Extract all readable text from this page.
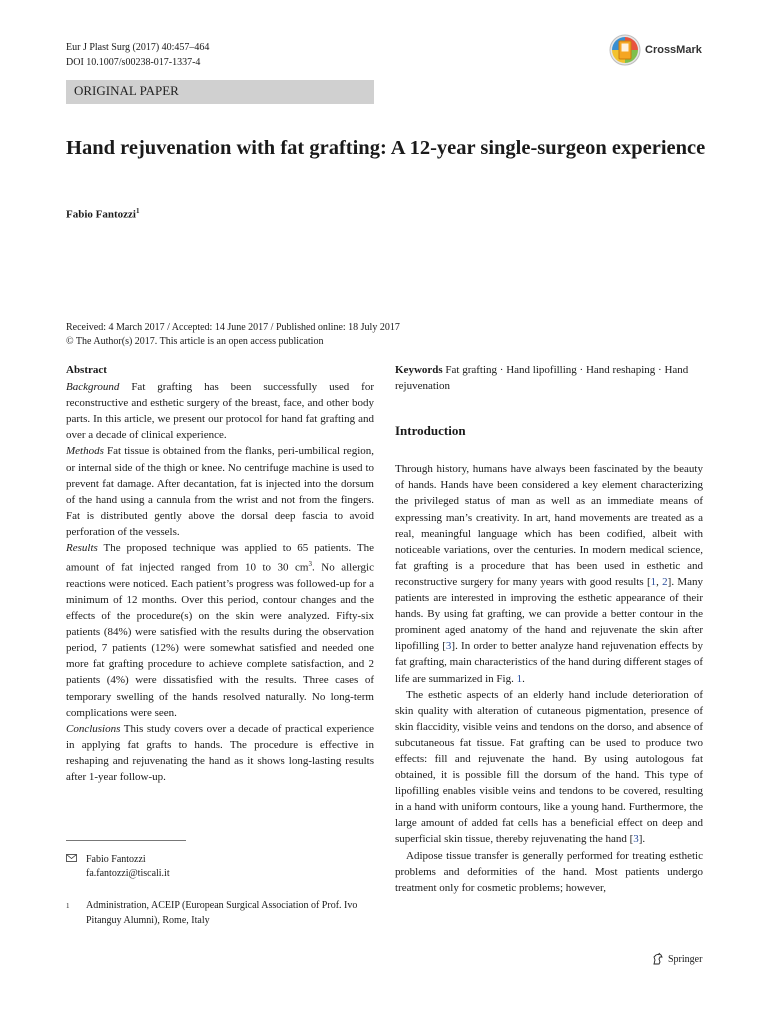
Eur J Plast Surg (2017) 40:457–464
DOI 10.1007/s00238-017-1337-4
CrossMark
ORIGINAL PAPER
Hand rejuvenation with fat grafting: A 12-year single-surgeon experience
Fabio Fantozzi$^1$
Received: 4 March 2017 / Accepted: 14 June 2017 / Published online: 18 July 2017
© The Author(s) 2017. This article is an open access publication
Abstract

Background Fat grafting has been successfully used for reconstructive and esthetic surgery of the breast, face, and other body parts. In this article, we present our protocol for hand fat grafting and over a decade of clinical experience.

Methods Fat tissue is obtained from the flanks, peri-umbilical region, or internal side of the thigh or knee. No centrifuge machine is used to prevent fat damage. After decantation, fat is injected into the dorsum of the hand using a cannula from the wrist and not from the fingers. Fat is distributed gently above the dorsal deep fascia to avoid perforation of the vessels.

Results The proposed technique was applied to 65 patients. The amount of fat injected ranged from 10 to 30 $cm^3$. No allergic reactions were noticed. Each patient’s progress was followed-up for a minimum of 12 months. Over this period, contour changes and the effects of the procedure(s) on the skin were analyzed. Fifty-six patients (84%) were satisfied with the results during the observation period, 7 patients (12%) were somewhat satisfied and needed one more fat grafting procedure to achieve complete satisfaction, and 2 patients (4%) were dissatisfied with the results. Three cases of temporary swelling of the hands resolved naturally. No long-term complications were seen.

Conclusions This study covers over a decade of practical experience in applying fat grafts to hands. The procedure is effective in reshaping and rejuvenating the hand as it shows long-lasting results after 1-year follow-up.

Fabio Fantozzi
fa.fantozzi@tiscali.it
1	Administration, ACEIP (European Surgical Association of Prof. Ivo Pitanguy Alumni), Rome, Italy

Keywords Fat grafting · Hand lipofilling · Hand reshaping · Hand rejuvenation

Introduction

Through history, humans have always been fascinated by the beauty of hands. Hands have been considered a key element characterizing the privileged status of man as well as an immediate means of expressing man’s creativity. In art, hand movements are treated as a real, meaningful language which has been codified, albeit with noticeable variations, over the centuries. In modern medical science, fat grafting is a procedure that has been used in esthetic and reconstructive surgery for many years with good results [1, 2]. Many patients are interested in improving the esthetic appearance of their hands. By using fat grafting, we can provide a better contour in the prominent aged anatomy of the hand and rejuvenate the skin after lipofilling [3]. In order to better analyze hand rejuvenation effects by fat grafting, main characteristics of the hand during different stages of life are summarized in Fig. 1.

The esthetic aspects of an elderly hand include deterioration of skin quality with alteration of cutaneous pigmentation, presence of skin flaccidity, visible veins and tendons on the dorso, and absence of subcutaneous fat tissue. Fat grafting can be used to produce two effects: fill and rejuvenate the hand. By using autologous fat obtained, it is possible fill the dorsum of the hand. This type of lipofilling enables visible veins and tendons to be covered, resulting in a hand with uniform contours, like a young hand. Furthermore, the large amount of added fat cells has a beneficial effect on deep and superficial skin tissue, thereby rejuvenating the hand [3].

Adipose tissue transfer is generally performed for treating esthetic problems and deformities of the hand. Most patients undergo treatment only for cosmetic problems; however,

Springer
